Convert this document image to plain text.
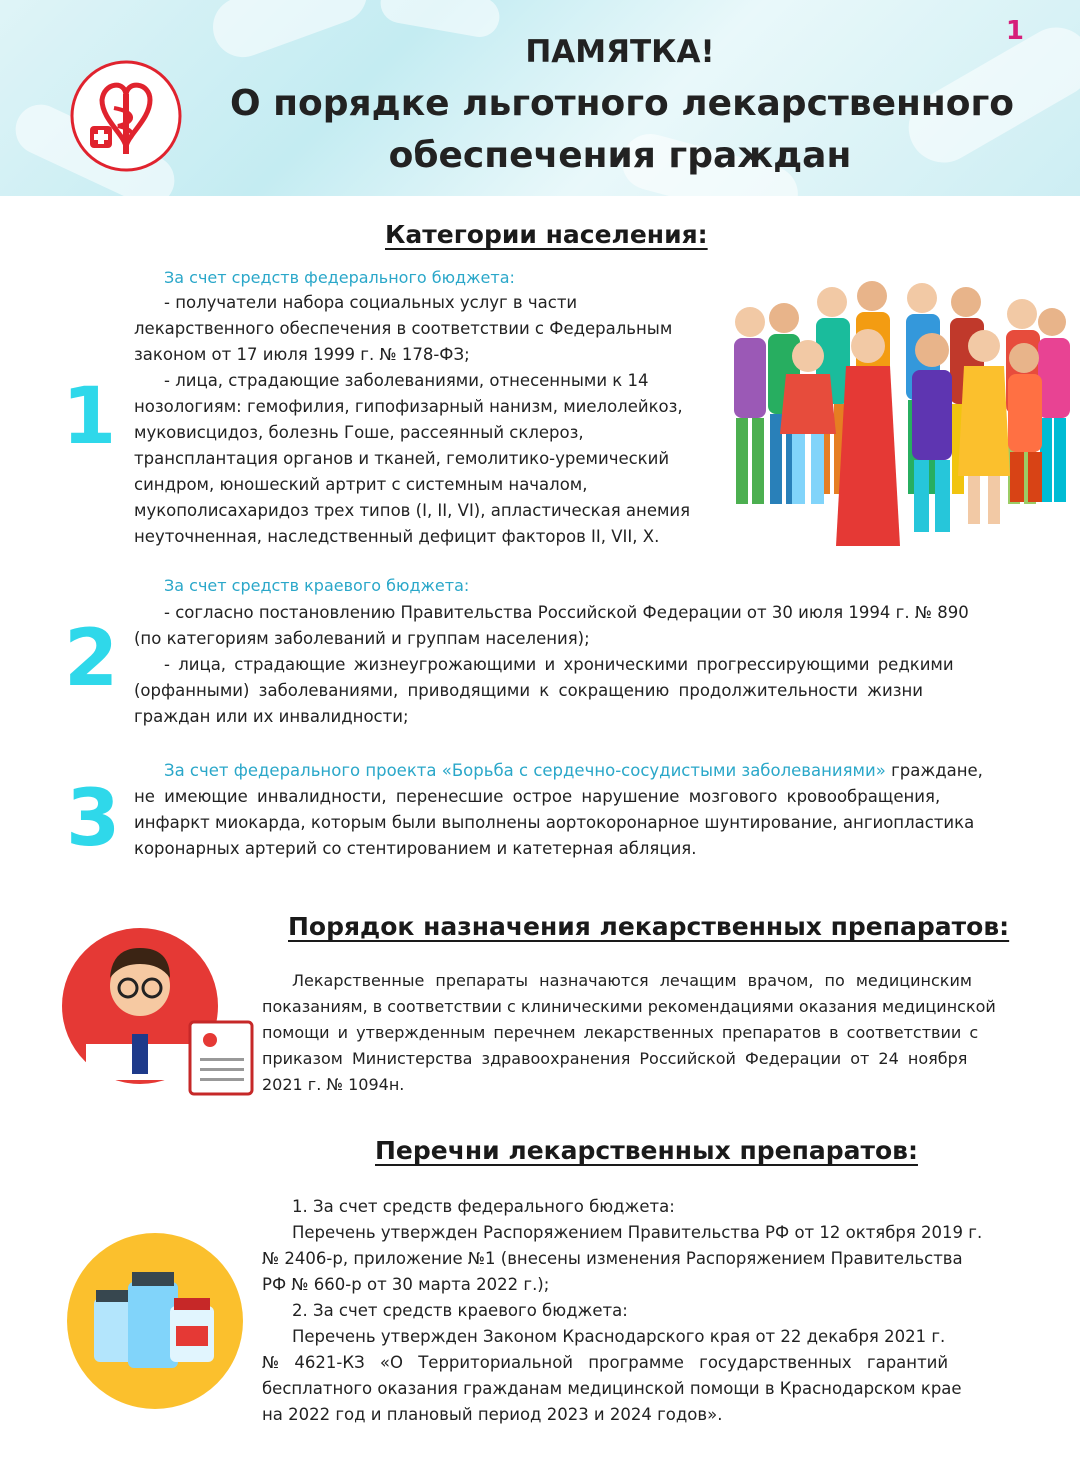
1
ПАМЯТКА!
О порядке льготного лекарственного
обеспечения граждан
Категории населения:
1
За счет средств федерального бюджета:
- получатели набора социальных услуг в части
лекарственного обеспечения в соответствии с Федеральным
законом от 17 июля 1999 г. № 178-ФЗ;
- лица, страдающие заболеваниями, отнесенными к 14
нозологиям: гемофилия, гипофизарный нанизм, миелолейкоз,
муковисцидоз, болезнь Гоше, рассеянный склероз,
трансплантация органов и тканей, гемолитико-уремический
синдром, юношеский артрит с системным началом,
мукополисахаридоз трех типов (I, II, VI), апластическая анемия
неуточненная, наследственный дефицит факторов II, VII, X.
2
За счет средств краевого бюджета:
- согласно постановлению Правительства Российской Федерации от 30 июля 1994 г. № 890
(по категориям заболеваний и группам населения);
- лица, страдающие жизнеугрожающими и хроническими прогрессирующими редкими
(орфанными) заболеваниями, приводящими к сокращению продолжительности жизни
граждан или их инвалидности;
3
За счет федерального проекта «Борьба с сердечно-сосудистыми заболеваниями» граждане,
не имеющие инвалидности, перенесшие острое нарушение мозгового кровообращения,
инфаркт миокарда, которым были выполнены аортокоронарное шунтирование, ангиопластика
коронарных артерий со стентированием и катетерная абляция.
Порядок назначения лекарственных препаратов:
Лекарственные препараты назначаются лечащим врачом, по медицинским
показаниям, в соответствии с клиническими рекомендациями оказания медицинской
помощи и утвержденным перечнем лекарственных препаратов в соответствии с
приказом Министерства здравоохранения Российской Федерации от 24 ноября
2021 г. № 1094н.
Перечни лекарственных препаратов:
1. За счет средств федерального бюджета:
Перечень утвержден Распоряжением Правительства РФ от 12 октября 2019 г.
№ 2406-р, приложение №1 (внесены изменения Распоряжением Правительства
РФ № 660-р от 30 марта 2022 г.);
2. За счет средств краевого бюджета:
Перечень утвержден Законом Краснодарского края от 22 декабря 2021 г.
№ 4621-КЗ «О Территориальной программе государственных гарантий
бесплатного оказания гражданам медицинской помощи в Краснодарском крае
на 2022 год и плановый период 2023 и 2024 годов».
